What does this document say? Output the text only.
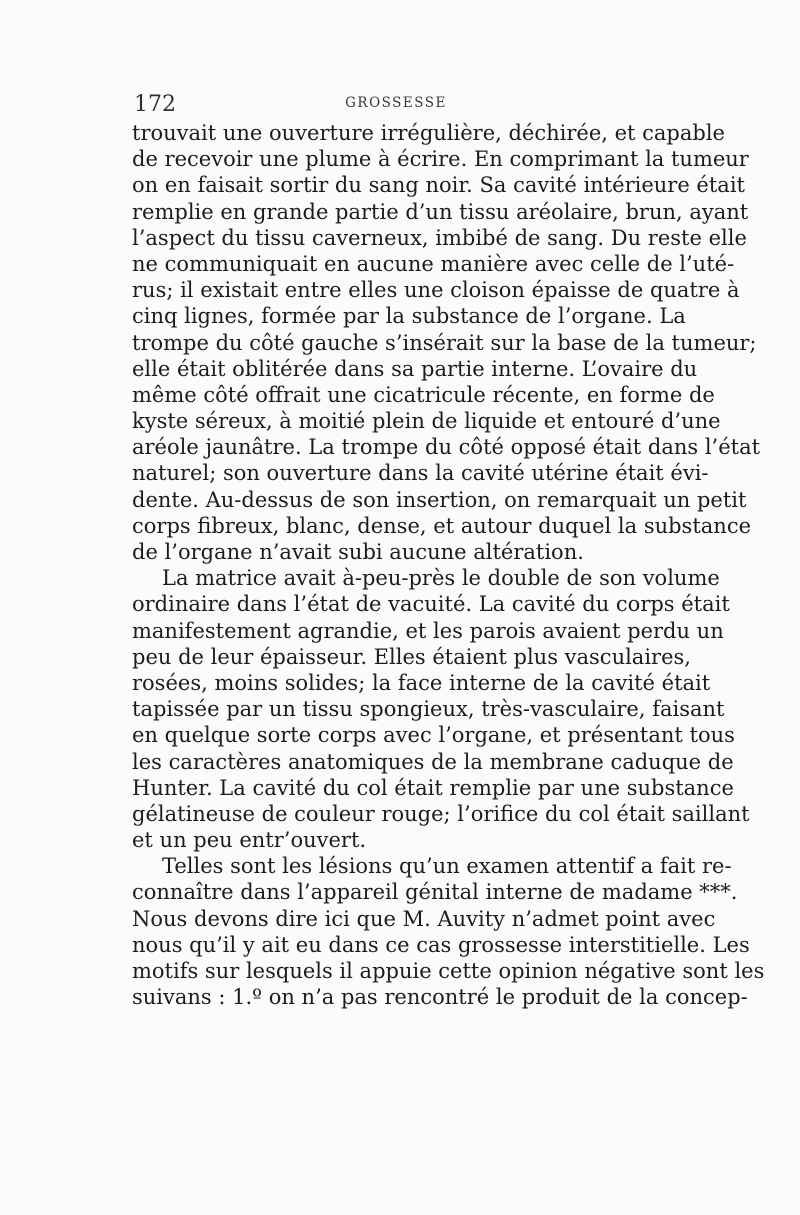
172	GROSSESSE
trouvait une ouverture irrégulière, déchirée, et capable
de recevoir une plume à écrire. En comprimant la tumeur
on en faisait sortir du sang noir. Sa cavité intérieure était
remplie en grande partie d’un tissu aréolaire, brun, ayant
l’aspect du tissu caverneux, imbibé de sang. Du reste elle
ne communiquait en aucune manière avec celle de l’uté-
rus; il existait entre elles une cloison épaisse de quatre à
cinq lignes, formée par la substance de l’organe. La
trompe du côté gauche s’insérait sur la base de la tumeur;
elle était oblitérée dans sa partie interne. L’ovaire du
même côté offrait une cicatricule récente, en forme de
kyste séreux, à moitié plein de liquide et entouré d’une
aréole jaunâtre. La trompe du côté opposé était dans l’état
naturel; son ouverture dans la cavité utérine était évi-
dente. Au-dessus de son insertion, on remarquait un petit
corps fibreux, blanc, dense, et autour duquel la substance
de l’organe n’avait subi aucune altération.
La matrice avait à-peu-près le double de son volume
ordinaire dans l’état de vacuité. La cavité du corps était
manifestement agrandie, et les parois avaient perdu un
peu de leur épaisseur. Elles étaient plus vasculaires,
rosées, moins solides; la face interne de la cavité était
tapissée par un tissu spongieux, très-vasculaire, faisant
en quelque sorte corps avec l’organe, et présentant tous
les caractères anatomiques de la membrane caduque de
Hunter. La cavité du col était remplie par une substance
gélatineuse de couleur rouge; l’orifice du col était saillant
et un peu entr’ouvert.
Telles sont les lésions qu’un examen attentif a fait re-
connaître dans l’appareil génital interne de madame ***.
Nous devons dire ici que M. Auvity n’admet point avec
nous qu’il y ait eu dans ce cas grossesse interstitielle. Les
motifs sur lesquels il appuie cette opinion négative sont les
suivans : 1.º on n’a pas rencontré le produit de la concep-
